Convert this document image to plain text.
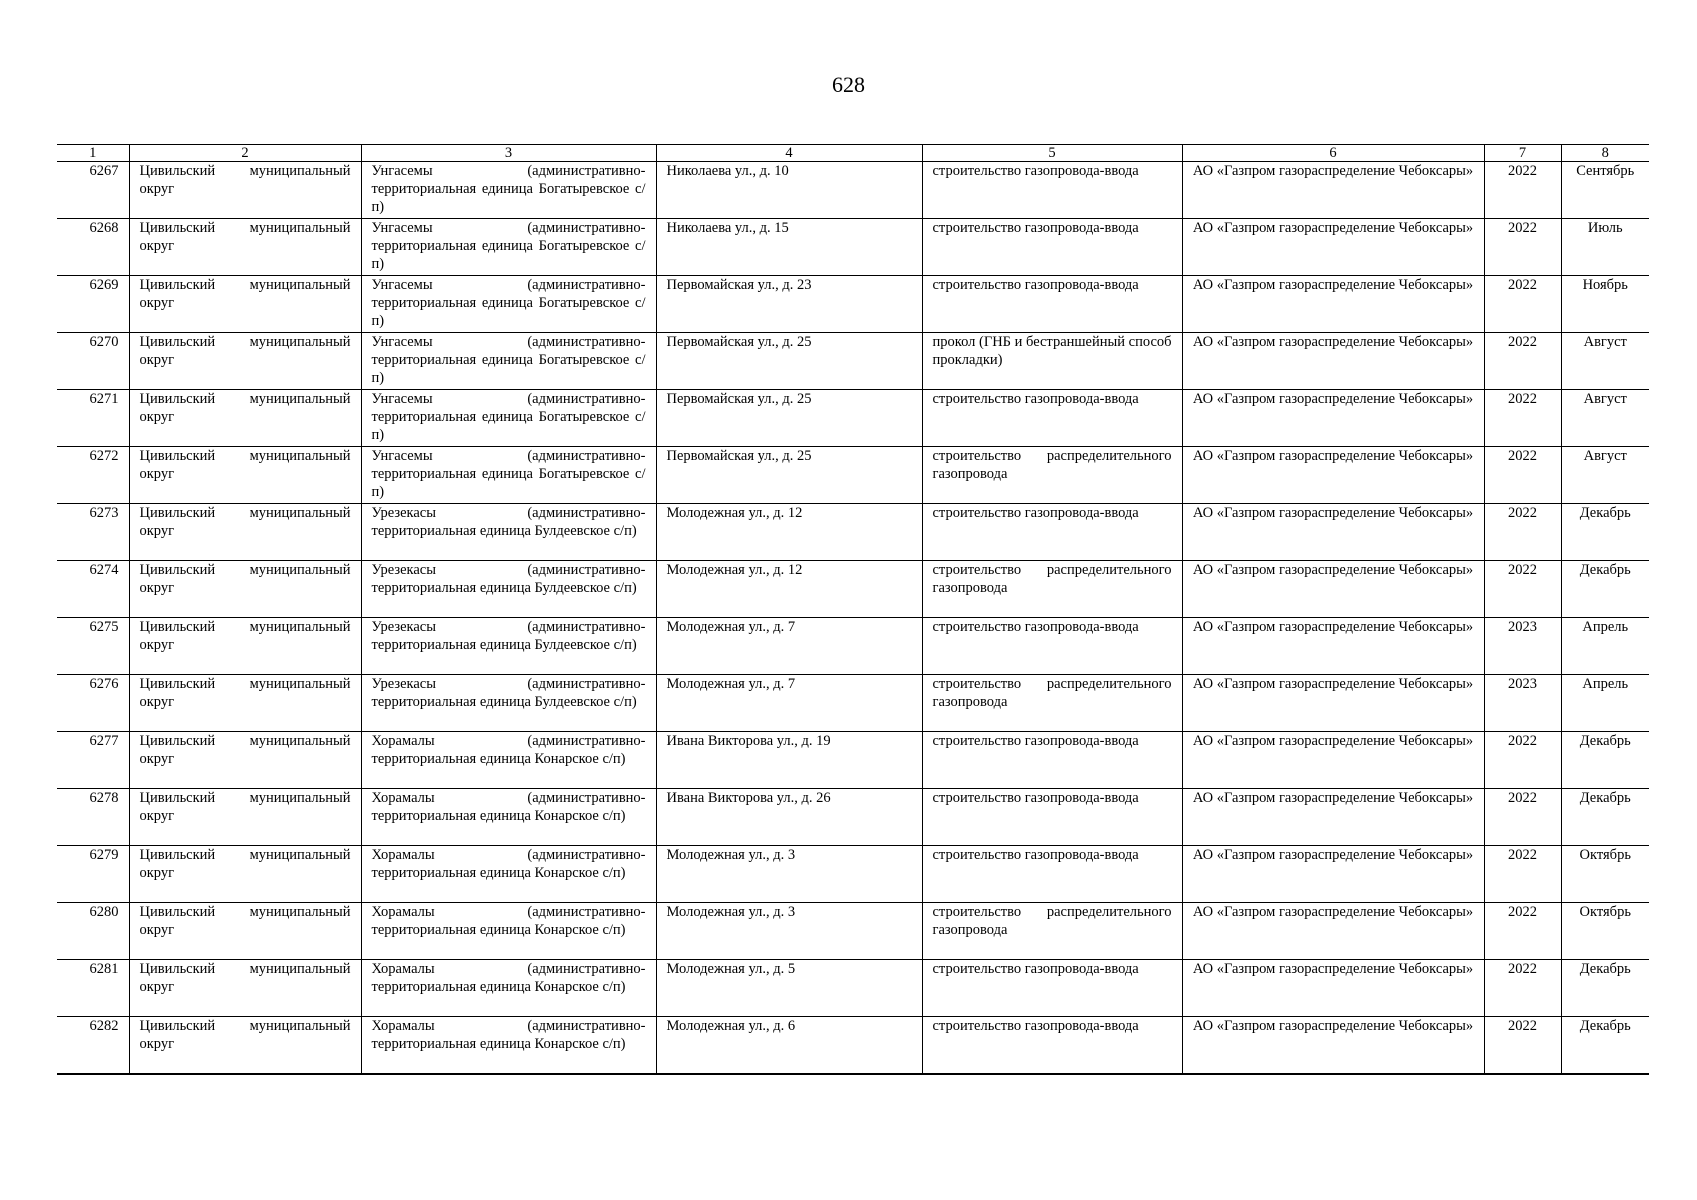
628
1	2	3	4	5	6	7	8
6267	Цивильский муниципальный округ	Унгасемы (административно-территориальная единица Богатыревское с/п)	Николаева ул., д. 10	строительство газопровода-ввода	АО «Газпром газораспределение Чебоксары»	2022	Сентябрь
6268	Цивильский муниципальный округ	Унгасемы (административно-территориальная единица Богатыревское с/п)	Николаева ул., д. 15	строительство газопровода-ввода	АО «Газпром газораспределение Чебоксары»	2022	Июль
6269	Цивильский муниципальный округ	Унгасемы (административно-территориальная единица Богатыревское с/п)	Первомайская ул., д. 23	строительство газопровода-ввода	АО «Газпром газораспределение Чебоксары»	2022	Ноябрь
6270	Цивильский муниципальный округ	Унгасемы (административно-территориальная единица Богатыревское с/п)	Первомайская ул., д. 25	прокол (ГНБ и бестраншейный способ прокладки)	АО «Газпром газораспределение Чебоксары»	2022	Август
6271	Цивильский муниципальный округ	Унгасемы (административно-территориальная единица Богатыревское с/п)	Первомайская ул., д. 25	строительство газопровода-ввода	АО «Газпром газораспределение Чебоксары»	2022	Август
6272	Цивильский муниципальный округ	Унгасемы (административно-территориальная единица Богатыревское с/п)	Первомайская ул., д. 25	строительство распределительного газопровода	АО «Газпром газораспределение Чебоксары»	2022	Август
6273	Цивильский муниципальный округ	Урезекасы (административно-территориальная единица Булдеевское с/п)	Молодежная ул., д. 12	строительство газопровода-ввода	АО «Газпром газораспределение Чебоксары»	2022	Декабрь
6274	Цивильский муниципальный округ	Урезекасы (административно-территориальная единица Булдеевское с/п)	Молодежная ул., д. 12	строительство распределительного газопровода	АО «Газпром газораспределение Чебоксары»	2022	Декабрь
6275	Цивильский муниципальный округ	Урезекасы (административно-территориальная единица Булдеевское с/п)	Молодежная ул., д. 7	строительство газопровода-ввода	АО «Газпром газораспределение Чебоксары»	2023	Апрель
6276	Цивильский муниципальный округ	Урезекасы (административно-территориальная единица Булдеевское с/п)	Молодежная ул., д. 7	строительство распределительного газопровода	АО «Газпром газораспределение Чебоксары»	2023	Апрель
6277	Цивильский муниципальный округ	Хорамалы (административно-территориальная единица Конарское с/п)	Ивана Викторова ул., д. 19	строительство газопровода-ввода	АО «Газпром газораспределение Чебоксары»	2022	Декабрь
6278	Цивильский муниципальный округ	Хорамалы (административно-территориальная единица Конарское с/п)	Ивана Викторова ул., д. 26	строительство газопровода-ввода	АО «Газпром газораспределение Чебоксары»	2022	Декабрь
6279	Цивильский муниципальный округ	Хорамалы (административно-территориальная единица Конарское с/п)	Молодежная ул., д. 3	строительство газопровода-ввода	АО «Газпром газораспределение Чебоксары»	2022	Октябрь
6280	Цивильский муниципальный округ	Хорамалы (административно-территориальная единица Конарское с/п)	Молодежная ул., д. 3	строительство распределительного газопровода	АО «Газпром газораспределение Чебоксары»	2022	Октябрь
6281	Цивильский муниципальный округ	Хорамалы (административно-территориальная единица Конарское с/п)	Молодежная ул., д. 5	строительство газопровода-ввода	АО «Газпром газораспределение Чебоксары»	2022	Декабрь
6282	Цивильский муниципальный округ	Хорамалы (административно-территориальная единица Конарское с/п)	Молодежная ул., д. 6	строительство газопровода-ввода	АО «Газпром газораспределение Чебоксары»	2022	Декабрь
